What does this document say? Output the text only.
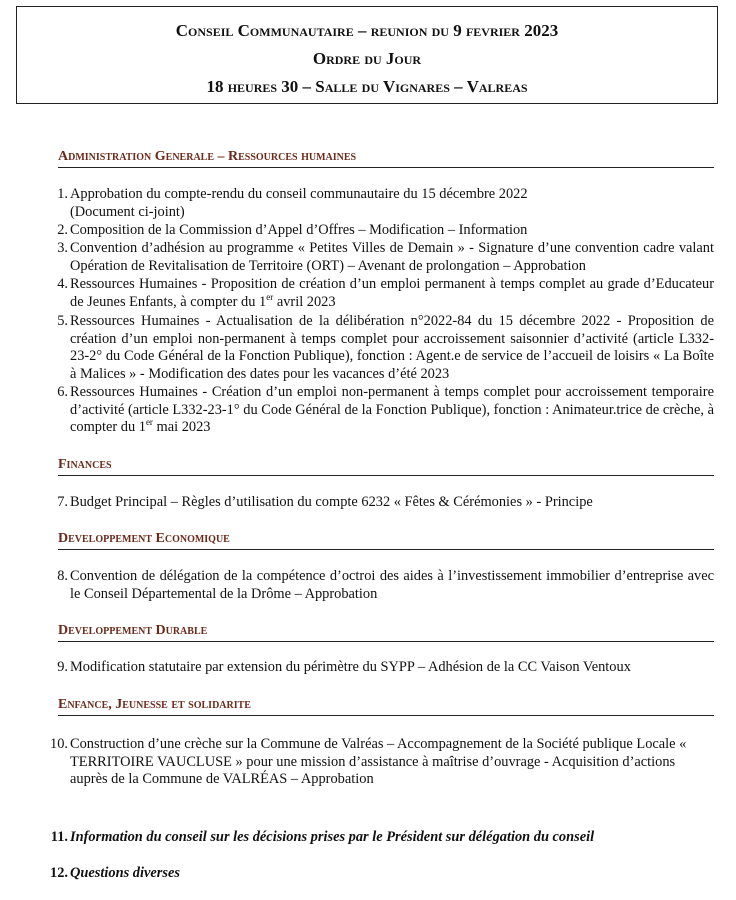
Conseil Communautaire – reunion du 9 fevrier 2023
Ordre du Jour
18 heures 30 – Salle du Vignares – Valreas
Administration Generale – Ressources humaines
1. Approbation du compte-rendu du conseil communautaire du 15 décembre 2022
(Document ci-joint)
2. Composition de la Commission d’Appel d’Offres – Modification – Information
3. Convention d’adhésion au programme « Petites Villes de Demain » - Signature d’une convention cadre valant Opération de Revitalisation de Territoire (ORT) – Avenant de prolongation – Approbation
4. Ressources Humaines - Proposition de création d’un emploi permanent à temps complet au grade d’Educateur de Jeunes Enfants, à compter du 1er avril 2023
5. Ressources Humaines - Actualisation de la délibération n°2022-84 du 15 décembre 2022 - Proposition de création d’un emploi non-permanent à temps complet pour accroissement saisonnier d’activité (article L332-23-2° du Code Général de la Fonction Publique), fonction : Agent.e de service de l’accueil de loisirs « La Boîte à Malices » - Modification des dates pour les vacances d’été 2023
6. Ressources Humaines - Création d’un emploi non-permanent à temps complet pour accroissement temporaire d’activité (article L332-23-1° du Code Général de la Fonction Publique), fonction : Animateur.trice de crèche, à compter du 1er mai 2023
Finances
7. Budget Principal – Règles d’utilisation du compte 6232 « Fêtes & Cérémonies » - Principe
Developpement Economique
8. Convention de délégation de la compétence d’octroi des aides à l’investissement immobilier d’entreprise avec le Conseil Départemental de la Drôme – Approbation
Developpement Durable
9. Modification statutaire par extension du périmètre du SYPP – Adhésion de la CC Vaison Ventoux
Enfance, Jeunesse et solidarite
10. Construction d’une crèche sur la Commune de Valréas – Accompagnement de la Société publique Locale « TERRITOIRE VAUCLUSE » pour une mission d’assistance à maîtrise d’ouvrage - Acquisition d’actions auprès de la Commune de VALRÉAS – Approbation
11. Information du conseil sur les décisions prises par le Président sur délégation du conseil
12. Questions diverses
